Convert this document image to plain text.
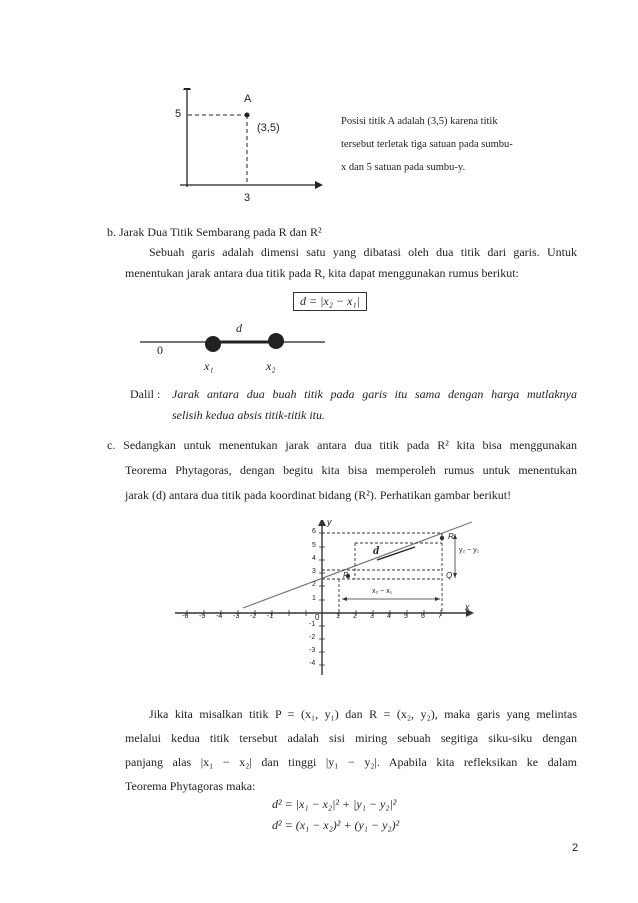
A
5
(3,5)
3
Posisi titik A adalah (3,5) karena titik
tersebut terletak tiga satuan pada sumbu-
x dan 5 satuan pada sumbu-y.
b. Jarak Dua Titik Sembarang pada R dan R²
Sebuah garis adalah dimensi satu yang dibatasi oleh dua titik dari garis. Untuk
menentukan jarak antara dua titik pada R, kita dapat menggunakan rumus berikut:
d = |x₂ − x₁|
d
0
x₁	x₂
Dalil : Jarak antara dua buah titik pada garis itu sama dengan harga mutlaknya
selisih kedua absis titik-titik itu.
c. Sedangkan untuk menentukan jarak antara dua titik pada R² kita bisa menggunakan
Teorema Phytagoras, dengan begitu kita bisa memperoleh rumus untuk menentukan
jarak (d) antara dua titik pada koordinat bidang (R²). Perhatikan gambar berikut!
y
x
0
d
P	Q
R
x₂ − x₁
y₂ − y₁
-6 -5 -4 -3 -2 -1	1 2 3 4 5 6 7
6
5
4
3
2
1
-1
-2
-3
-4
Jika kita misalkan titik P = (x₁, y₁) dan R = (x₂, y₂), maka garis yang melintas
melalui kedua titik tersebut adalah sisi miring sebuah segitiga siku-siku dengan
panjang alas |x₁ − x₂| dan tinggi |y₁ − y₂|. Apabila kita refleksikan ke dalam
Teorema Phytagoras maka:
d² = |x₁ − x₂|² + |y₁ − y₂|²
d² = (x₁ − x₂)² + (y₁ − y₂)²
2
